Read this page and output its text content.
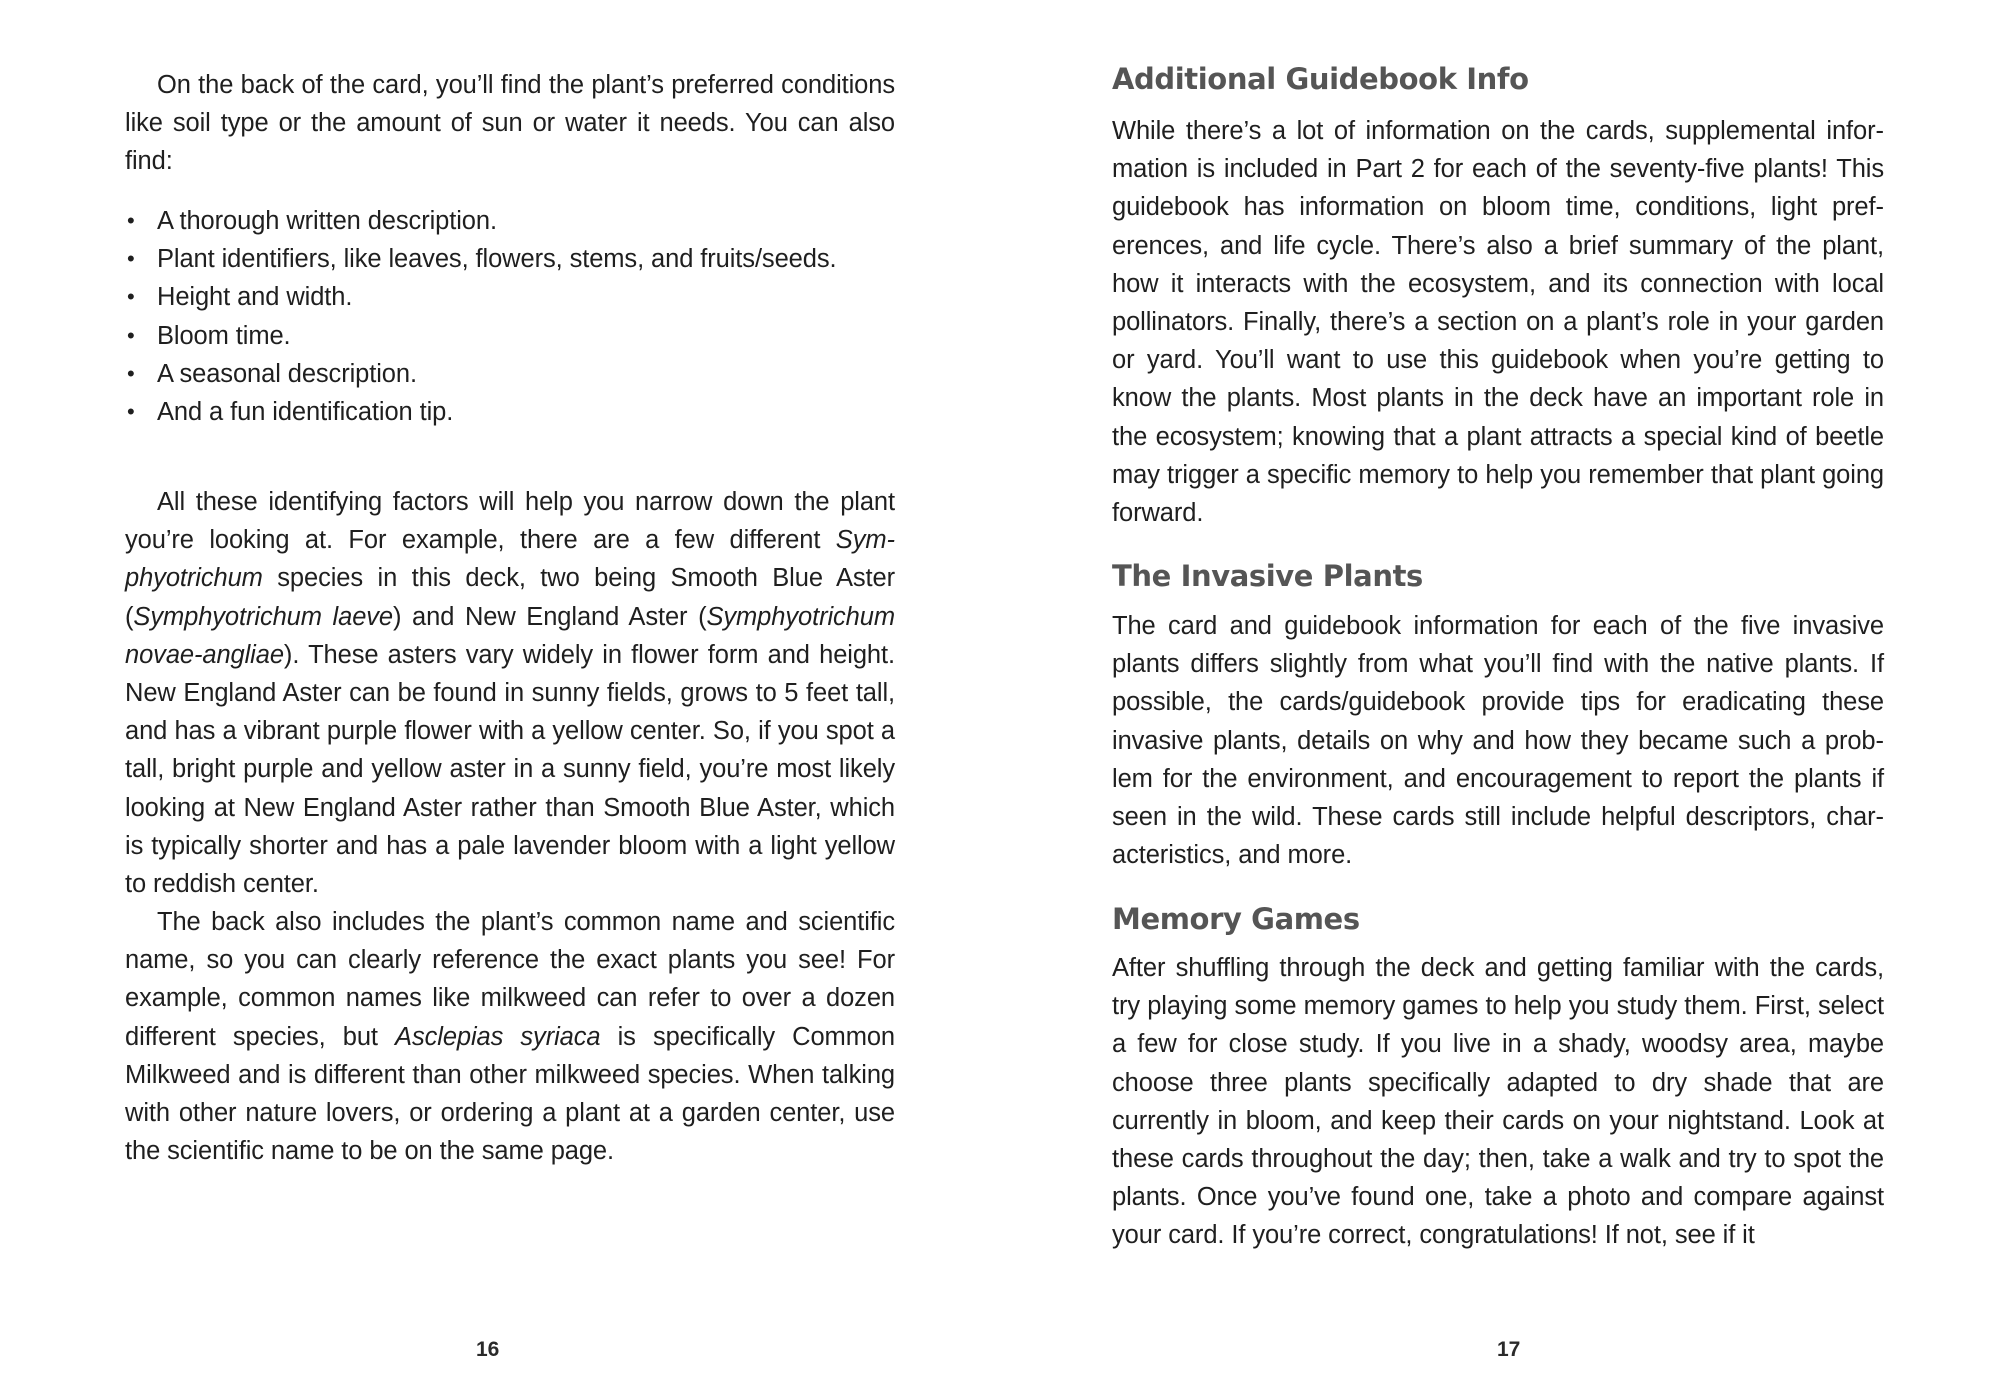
On the back of the card, you’ll find the plant’s preferred conditions like soil type or the amount of sun or water it needs. You can also find:

• A thorough written description.
• Plant identifiers, like leaves, flowers, stems, and fruits/seeds.
• Height and width.
• Bloom time.
• A seasonal description.
• And a fun identification tip.

All these identifying factors will help you narrow down the plant you’re looking at. For example, there are a few different Symphyotrichum species in this deck, two being Smooth Blue Aster (Symphyotrichum laeve) and New England Aster (Symphyotrichum novae-angliae). These asters vary widely in flower form and height. New England Aster can be found in sunny fields, grows to 5 feet tall, and has a vibrant purple flower with a yellow center. So, if you spot a tall, bright purple and yellow aster in a sunny field, you’re most likely looking at New England Aster rather than Smooth Blue Aster, which is typically shorter and has a pale lavender bloom with a light yellow to reddish center.

The back also includes the plant’s common name and scientific name, so you can clearly reference the exact plants you see! For example, common names like milkweed can refer to over a dozen different species, but Asclepias syriaca is specifically Common Milkweed and is different than other milkweed species. When talking with other nature lovers, or ordering a plant at a garden center, use the scientific name to be on the same page.

16
Additional Guidebook Info

While there’s a lot of information on the cards, supplemental information is included in Part 2 for each of the seventy-five plants! This guidebook has information on bloom time, conditions, light preferences, and life cycle. There’s also a brief summary of the plant, how it interacts with the ecosystem, and its connection with local pollinators. Finally, there’s a section on a plant’s role in your garden or yard. You’ll want to use this guidebook when you’re getting to know the plants. Most plants in the deck have an important role in the ecosystem; knowing that a plant attracts a special kind of beetle may trigger a specific memory to help you remember that plant going forward.

The Invasive Plants

The card and guidebook information for each of the five invasive plants differs slightly from what you’ll find with the native plants. If possible, the cards/guidebook provide tips for eradicating these invasive plants, details on why and how they became such a problem for the environment, and encouragement to report the plants if seen in the wild. These cards still include helpful descriptors, characteristics, and more.

Memory Games

After shuffling through the deck and getting familiar with the cards, try playing some memory games to help you study them. First, select a few for close study. If you live in a shady, woodsy area, maybe choose three plants specifically adapted to dry shade that are currently in bloom, and keep their cards on your nightstand. Look at these cards throughout the day; then, take a walk and try to spot the plants. Once you’ve found one, take a photo and compare against your card. If you’re correct, congratulations! If not, see if it

17
